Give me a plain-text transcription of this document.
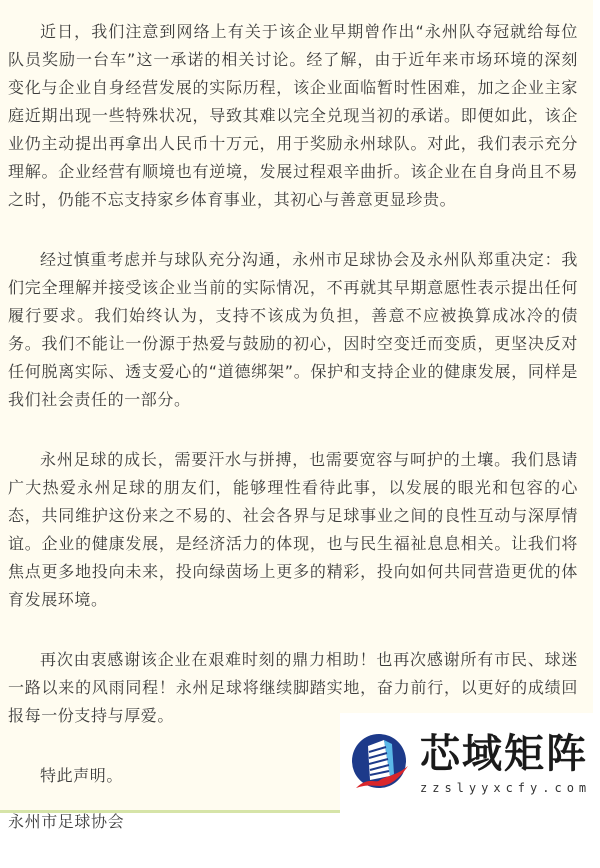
近日，我们注意到网络上有关于该企业早期曾作出“永州队夺冠就给每位队员奖励一台车”这一承诺的相关讨论。经了解，由于近年来市场环境的深刻变化与企业自身经营发展的实际历程，该企业面临暂时性困难，加之企业主家庭近期出现一些特殊状况，导致其难以完全兑现当初的承诺。即便如此，该企业仍主动提出再拿出人民币十万元，用于奖励永州球队。对此，我们表示充分理解。企业经营有顺境也有逆境，发展过程艰辛曲折。该企业在自身尚且不易之时，仍能不忘支持家乡体育事业，其初心与善意更显珍贵。

经过慎重考虑并与球队充分沟通，永州市足球协会及永州队郑重决定：我们完全理解并接受该企业当前的实际情况，不再就其早期意愿性表示提出任何履行要求。我们始终认为，支持不该成为负担，善意不应被换算成冰冷的债务。我们不能让一份源于热爱与鼓励的初心，因时空变迁而变质，更坚决反对任何脱离实际、透支爱心的“道德绑架”。保护和支持企业的健康发展，同样是我们社会责任的一部分。

永州足球的成长，需要汗水与拼搏，也需要宽容与呵护的土壤。我们恳请广大热爱永州足球的朋友们，能够理性看待此事，以发展的眼光和包容的心态，共同维护这份来之不易的、社会各界与足球事业之间的良性互动与深厚情谊。企业的健康发展，是经济活力的体现，也与民生福祉息息相关。让我们将焦点更多地投向未来，投向绿茵场上更多的精彩，投向如何共同营造更优的体育发展环境。

再次由衷感谢该企业在艰难时刻的鼎力相助！也再次感谢所有市民、球迷一路以来的风雨同程！永州足球将继续脚踏实地，奋力前行，以更好的成绩回报每一份支持与厚爱。

特此声明。

永州市足球协会

芯域矩阵
zzslyyxcfy.com
